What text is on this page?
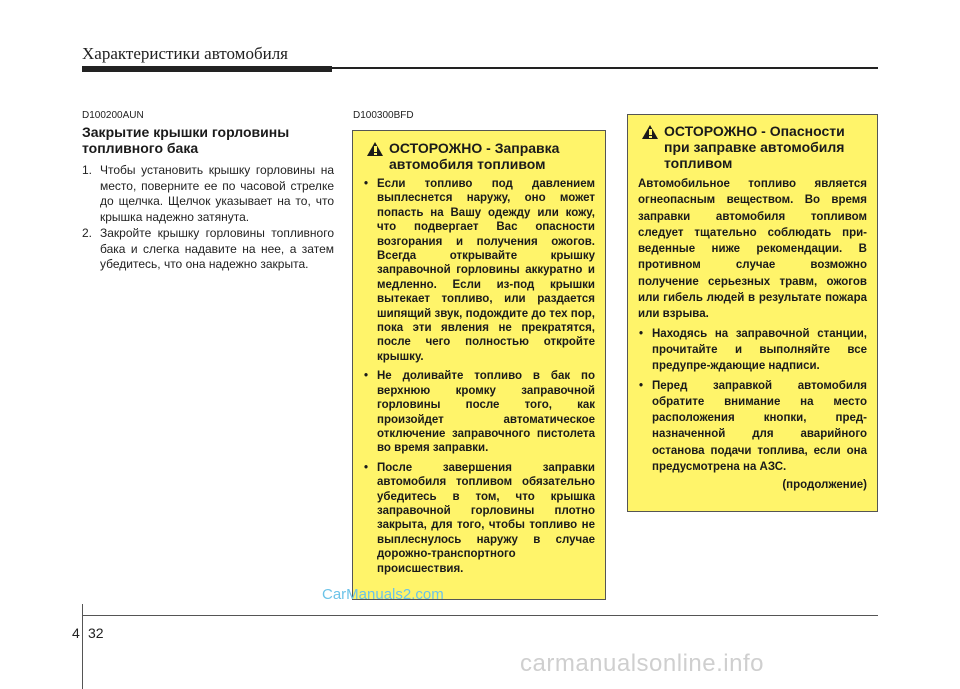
Характеристики автомобиля
D100200AUN
Закрытие крышки горловины топливного бака
1. Чтобы установить крышку горловины на место, поверните ее по часовой стрелке до щелчка. Щелчок указывает на то, что крышка надежно затянута.
2. Закройте крышку горловины топливного бака и слегка надавите на нее, а затем убедитесь, что она надежно закрыта.
D100300BFD
ОСТОРОЖНО - Заправка автомобиля топливом
• Если топливо под давлением выплеснется наружу, оно может попасть на Вашу одежду или кожу, что подвергает Вас опасности возгорания и получения ожогов. Всегда открывайте крышку заправочной горловины аккуратно и медленно. Если из-под крышки вытекает топливо, или раздается шипящий звук, подождите до тех пор, пока эти явления не прекратятся, после чего полностью откройте крышку.
• Не доливайте топливо в бак по верхнюю кромку заправочной горловины после того, как произойдет автоматическое отключение заправочного пистолета во время заправки.
• После завершения заправки автомобиля топливом обязательно убедитесь в том, что крышка заправочной горловины плотно закрыта, для того, чтобы топливо не выплеснулось наружу в случае дорожно-транспортного происшествия.
ОСТОРОЖНО - Опасности при заправке автомобиля топливом
Автомобильное топливо является огнеопасным веществом. Во время заправки автомобиля топливом следует тщательно соблюдать при-веденные ниже рекомендации. В противном случае возможно получение серьезных травм, ожогов или гибель людей в результате пожара или взрыва.
• Находясь на заправочной станции, прочитайте и выполняйте все предупре-ждающие надписи.
• Перед заправкой автомобиля обратите внимание на место расположения кнопки, пред-назначенной для аварийного останова подачи топлива, если она предусмотрена на АЗС.
(продолжение)
CarManuals2.com
4 32
carmanualsonline.info
